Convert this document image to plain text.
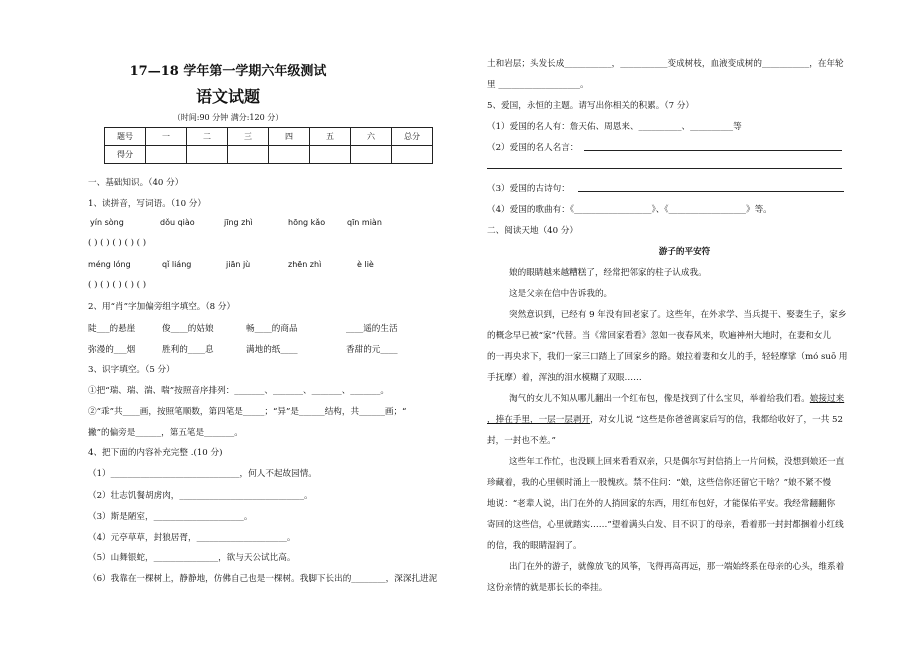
17—18 学年第一学期六年级测试
语文试题
（时间:90 分钟 满分:120 分）
题号	一	二	三	四	五	六	总分
得分							
一、基础知识。（40 分）
1、读拼音，写词语。（10 分）
yín sòng	dǒu qiào	jīng zhì	hōng kǎo	qīn miàn
( ) ( ) ( ) ( ) ( )
méng lóng	qǐ liáng	jiān jù	zhēn zhì	è liè
( ) ( ) ( ) ( ) ( )
2、用“肖”字加偏旁组字填空。（8 分）
陡___的悬崖	俊____的姑娘	畅____的商品	____遥的生活
弥漫的___烟	胜利的____息	满地的纸____	香甜的元____
3、识字填空。（5 分）
①把“瑞、瑞、湍、喘”按照音序排列：_______、_______、_______、_______。
②“乖”共____画，按照笔顺数，第四笔是_____；“异”是______结构，共______画；“
撇”的偏旁是______，第五笔是_______。
4、把下面的内容补充完整 .(10 分)
（1）______________________________，何人不起故园情。
（2）壮志饥餐胡虏肉，_____________________________。
（3）斯是陋室，_____________________。
（4）元亭草草，封狼居胥，_____________________。
（5）山舞银蛇，_______________，欲与天公试比高。
（6）我靠在一棵树上，静静地，仿佛自己也是一棵树。我脚下长出的________，深深扎进泥
土和岩层；头发长成___________，___________变成树枝，血液变成树的___________，在年轮
里 ___________________。
5、爱国，永恒的主题。请写出你相关的积累。（7 分）
（1）爱国的名人有：詹天佑、周恩来、__________、__________等
（2）爱国的名人名言：
（3）爱国的古诗句：
（4）爱国的歌曲有：《__________________》、《__________________》等。
二、阅读天地（40 分）
游子的平安符
娘的眼睛越来越糟糕了，经常把邻家的柱子认成我。
这是父亲在信中告诉我的。
突然意识到，已经有 9 年没有回老家了。这些年，在外求学、当兵提干、娶妻生子，家乡
的概念早已被“家”代替。当《常回家看看》忽如一夜春风来，吹遍神州大地时，在妻和女儿
的一再央求下，我们一家三口踏上了回家乡的路。娘拉着妻和女儿的手，轻轻摩挲（mó suō 用
手抚摩）着，浑浊的泪水模糊了双眼……
淘气的女儿不知从哪儿翻出一个红布包，像是找到了什么宝贝，举着给我们看。娘接过来
，捧在手里，一层一层剥开，对女儿说 “这些是你爸爸离家后写的信，我都给收好了，一共 52
封，一封也不差。”
这些年工作忙，也没顾上回来看看双亲，只是偶尔写封信捎上一片问候，没想到娘还一直
珍藏着，我的心里顿时涌上一股愧疚。禁不住问：“娘，这些信你还留它干啥？”娘不紧不慢
地说：“老辈人说，出门在外的人捎回家的东西，用红布包好，才能保佑平安。我经常翻翻你
寄回的这些信，心里就踏实……”望着满头白发、目不识丁的母亲，看着那一封封都捆着小红线
的信，我的眼睛湿润了。
出门在外的游子，就像放飞的风筝，飞得再高再远，那一端始终系在母亲的心头，维系着
这份亲情的就是那长长的牵挂。
